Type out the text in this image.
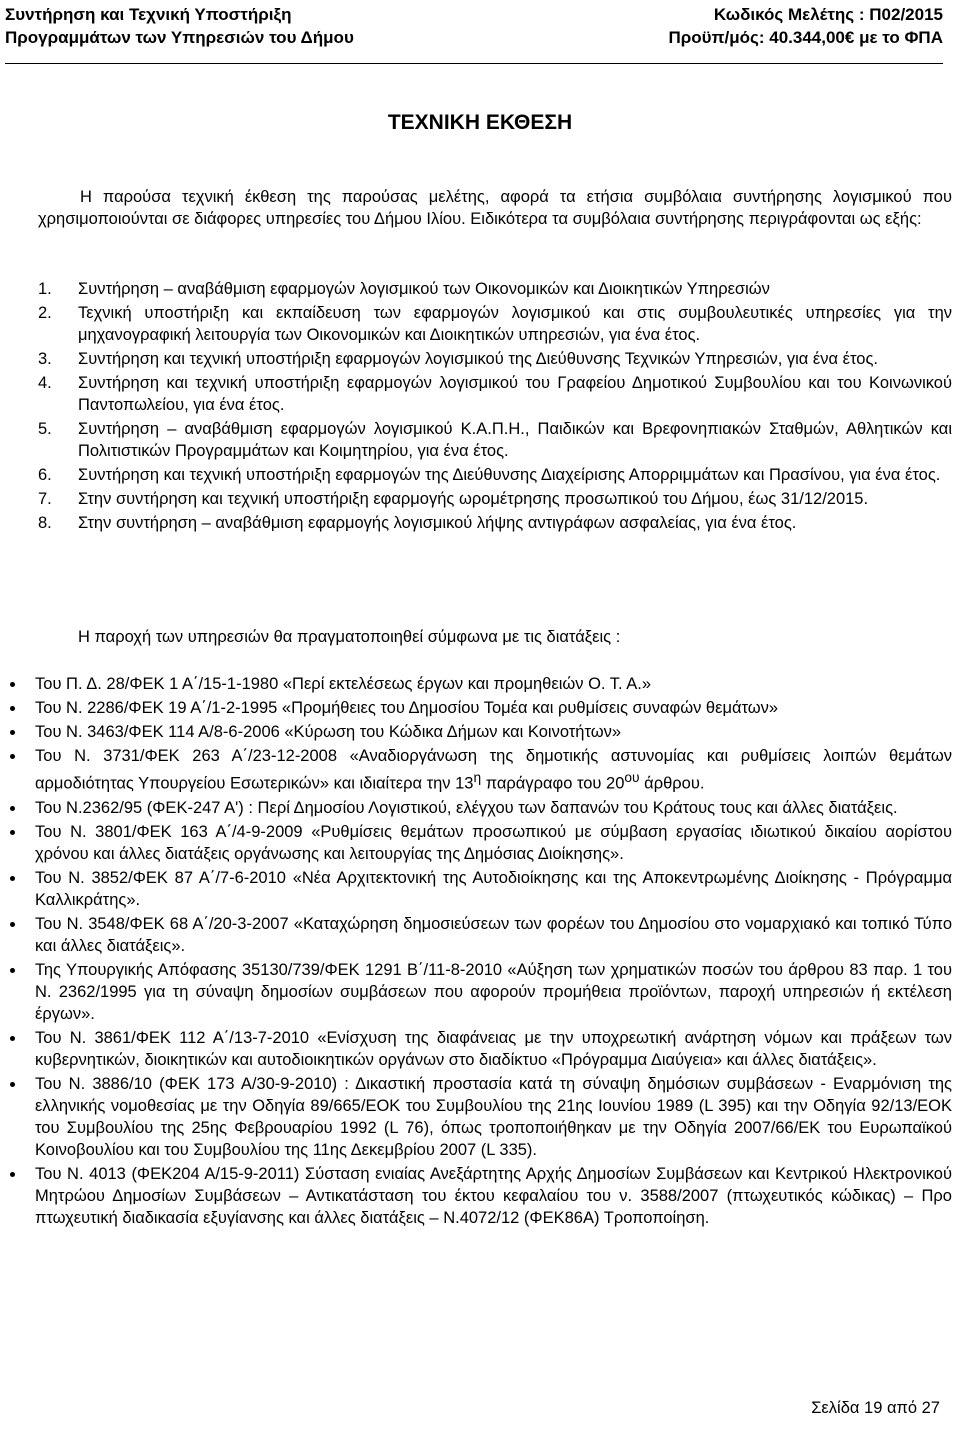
Συντήρηση και Τεχνική Υποστήριξη
Προγραμμάτων των Υπηρεσιών του Δήμου
Κωδικός Μελέτης : Π02/2015
Προϋπ/μός: 40.344,00€ με το ΦΠΑ
ΤΕΧΝΙΚΗ ΕΚΘΕΣΗ
Η παρούσα τεχνική έκθεση της παρούσας μελέτης, αφορά τα ετήσια συμβόλαια συντήρησης λογισμικού που χρησιμοποιούνται σε διάφορες υπηρεσίες του Δήμου Ιλίου. Ειδικότερα τα συμβόλαια συντήρησης περιγράφονται ως εξής:
1. Συντήρηση – αναβάθμιση εφαρμογών λογισμικού των Οικονομικών και Διοικητικών Υπηρεσιών
2. Τεχνική υποστήριξη και εκπαίδευση των εφαρμογών λογισμικού και στις συμβουλευτικές υπηρεσίες για την μηχανογραφική λειτουργία των Οικονομικών και Διοικητικών υπηρεσιών, για ένα έτος.
3. Συντήρηση και τεχνική υποστήριξη εφαρμογών λογισμικού της Διεύθυνσης Τεχνικών Υπηρεσιών, για ένα έτος.
4. Συντήρηση και τεχνική υποστήριξη εφαρμογών λογισμικού του Γραφείου Δημοτικού Συμβουλίου και του Κοινωνικού Παντοπωλείου, για ένα έτος.
5. Συντήρηση – αναβάθμιση εφαρμογών λογισμικού Κ.Α.Π.Η., Παιδικών και Βρεφονηπιακών Σταθμών, Αθλητικών και Πολιτιστικών Προγραμμάτων και Κοιμητηρίου, για ένα έτος.
6. Συντήρηση και τεχνική υποστήριξη εφαρμογών της Διεύθυνσης Διαχείρισης Απορριμμάτων και Πρασίνου, για ένα έτος.
7. Στην συντήρηση και τεχνική υποστήριξη εφαρμογής ωρομέτρησης προσωπικού του Δήμου, έως 31/12/2015.
8. Στην συντήρηση – αναβάθμιση εφαρμογής λογισμικού λήψης αντιγράφων ασφαλείας, για ένα έτος.
Η παροχή των υπηρεσιών θα πραγματοποιηθεί σύμφωνα με τις διατάξεις :
Του Π. Δ. 28/ΦΕΚ 1 Α΄/15-1-1980 «Περί εκτελέσεως έργων και προμηθειών Ο. Τ. Α.»
Του Ν. 2286/ΦΕΚ 19 Α΄/1-2-1995 «Προμήθειες του Δημοσίου Τομέα και ρυθμίσεις συναφών θεμάτων»
Του Ν. 3463/ΦΕΚ 114 Α/8-6-2006 «Κύρωση του Κώδικα Δήμων και Κοινοτήτων»
Του Ν. 3731/ΦΕΚ 263 Α΄/23-12-2008 «Αναδιοργάνωση της δημοτικής αστυνομίας και ρυθμίσεις λοιπών θεμάτων αρμοδιότητας Υπουργείου Εσωτερικών» και ιδιαίτερα την $13^\eta$ παράγραφο του $20^{o\upsilon}$ άρθρου.
Του Ν.2362/95 (ΦΕΚ-247 Α') : Περί Δημοσίου Λογιστικού, ελέγχου των δαπανών του Κράτους τους και άλλες διατάξεις.
Του Ν. 3801/ΦΕΚ 163 Α΄/4-9-2009 «Ρυθμίσεις θεμάτων προσωπικού με σύμβαση εργασίας ιδιωτικού δικαίου αορίστου χρόνου και άλλες διατάξεις οργάνωσης και λειτουργίας της Δημόσιας Διοίκησης».
Του Ν. 3852/ΦΕΚ 87 Α΄/7-6-2010 «Νέα Αρχιτεκτονική της Αυτοδιοίκησης και της Αποκεντρωμένης Διοίκησης - Πρόγραμμα Καλλικράτης».
Του Ν. 3548/ΦΕΚ 68 Α΄/20-3-2007 «Καταχώρηση δημοσιεύσεων των φορέων του Δημοσίου στο νομαρχιακό και τοπικό Τύπο και άλλες διατάξεις».
Της Υπουργικής Απόφασης 35130/739/ΦΕΚ 1291 Β΄/11-8-2010 «Αύξηση των χρηματικών ποσών του άρθρου 83 παρ. 1 του Ν. 2362/1995 για τη σύναψη δημοσίων συμβάσεων που αφορούν προμήθεια προϊόντων, παροχή υπηρεσιών ή εκτέλεση έργων».
Του Ν. 3861/ΦΕΚ 112 Α΄/13-7-2010 «Ενίσχυση της διαφάνειας με την υποχρεωτική ανάρτηση νόμων και πράξεων των κυβερνητικών, διοικητικών και αυτοδιοικητικών οργάνων στο διαδίκτυο «Πρόγραμμα Διαύγεια» και άλλες διατάξεις».
Του Ν. 3886/10 (ΦΕΚ 173 Α/30-9-2010) : Δικαστική προστασία κατά τη σύναψη δημόσιων συμβάσεων - Εναρμόνιση της ελληνικής νομοθεσίας με την Οδηγία 89/665/ΕΟΚ του Συμβουλίου της 21ης Ιουνίου 1989 (L 395) και την Οδηγία 92/13/ΕΟΚ του Συμβουλίου της 25ης Φεβρουαρίου 1992 (L 76), όπως τροποποιήθηκαν με την Οδηγία 2007/66/ΕΚ του Ευρωπαϊκού Κοινοβουλίου και του Συμβουλίου της 11ης Δεκεμβρίου 2007 (L 335).
Του Ν. 4013 (ΦΕΚ204 Α/15-9-2011) Σύσταση ενιαίας Ανεξάρτητης Αρχής Δημοσίων Συμβάσεων και Κεντρικού Ηλεκτρονικού Μητρώου Δημοσίων Συμβάσεων – Αντικατάσταση του έκτου κεφαλαίου του ν. 3588/2007 (πτωχευτικός κώδικας) – Προ πτωχευτική διαδικασία εξυγίανσης και άλλες διατάξεις – Ν.4072/12 (ΦΕΚ86Α) Τροποποίηση.
Σελίδα 19 από 27
